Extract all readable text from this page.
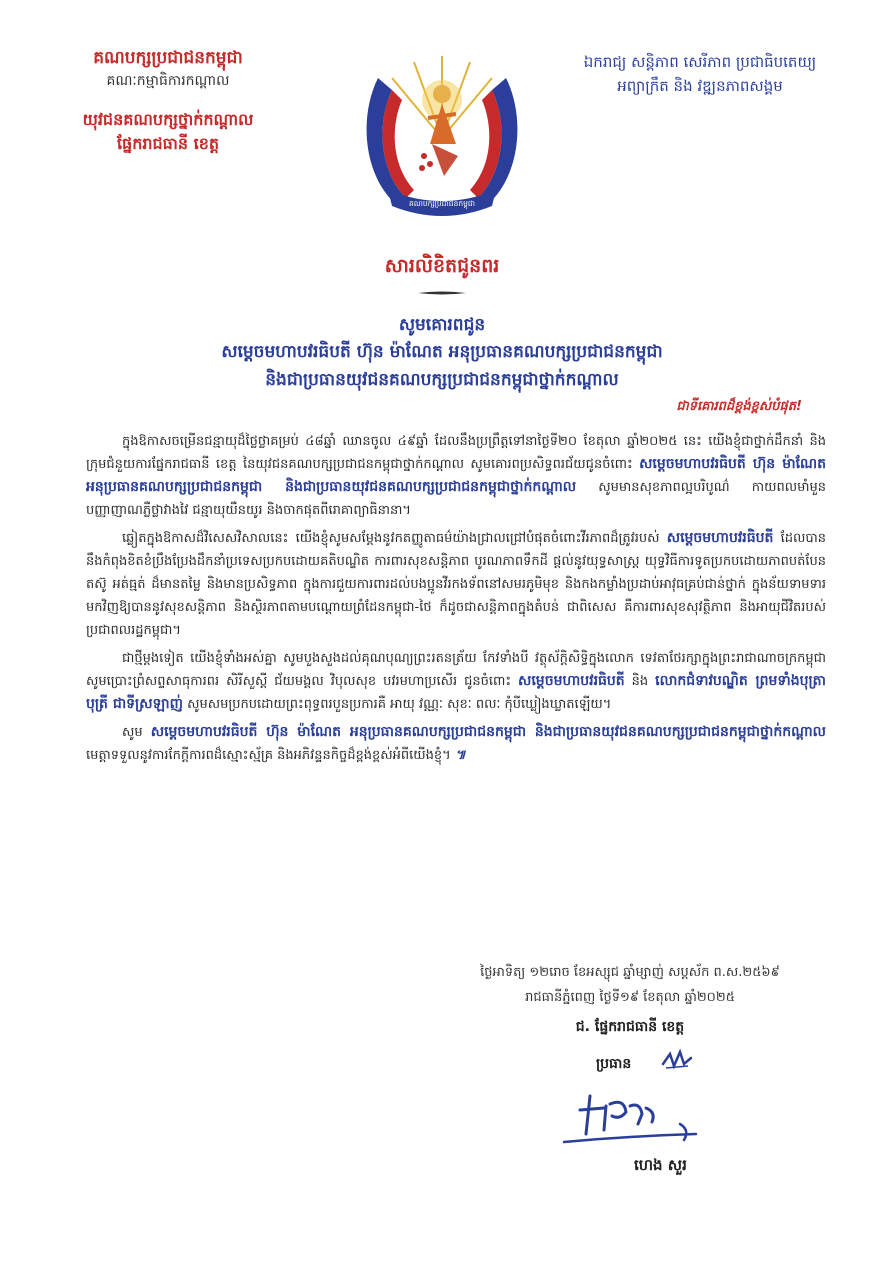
គណបក្សប្រជាជនកម្ពុជា
គណៈកម្មាធិការកណ្ដាល
យុវជនគណបក្សថ្នាក់កណ្ដាល
ផ្នែករាជធានី ខេត្ត
គណបក្សប្រជាជនកម្ពុជា
ឯករាជ្យ សន្តិភាព សេរីភាព ប្រជាធិបតេយ្យ
អព្យាក្រឹត និង វឌ្ឍនភាពសង្គម
សារលិខិតជូនពរ
សូមគោរពជូន
សម្ដេចមហាបវរធិបតី ហ៊ុន ម៉ាណែត អនុប្រធានគណបក្សប្រជាជនកម្ពុជា
និងជាប្រធានយុវជនគណបក្សប្រជាជនកម្ពុជាថ្នាក់កណ្ដាល
ជាទីគោរពដ៏ខ្ពង់ខ្ពស់បំផុត!

ក្នុងឱកាសចម្រើនជន្មាយុដ៏ថ្លៃថ្លាគម្រប់ ៤៨ឆ្នាំ ឈានចូល ៤៩ឆ្នាំ ដែលនឹងប្រព្រឹត្តទៅនាថ្ងៃទី២០ ខែតុលា ឆ្នាំ២០២៥ នេះ យើងខ្ញុំជាថ្នាក់ដឹកនាំ និងក្រុមជំនួយការផ្នែករាជធានី ខេត្ត នៃយុវជនគណបក្សប្រជាជនកម្ពុជាថ្នាក់កណ្ដាល សូមគោរពប្រសិទ្ធពរជ័យជូនចំពោះ សម្ដេចមហាបវរធិបតី ហ៊ុន ម៉ាណែត អនុប្រធានគណបក្សប្រជាជនកម្ពុជា និងជាប្រធានយុវជនគណបក្សប្រជាជនកម្ពុជាថ្នាក់កណ្ដាល សូមមានសុខភាពល្អបរិបូណ៌ កាយពលមាំមួន បញ្ញាញាណភ្លឺថ្លាវាងវៃ ជន្មាយុយឺនយូរ និងចាកផុតពីរោគាព្យាធិនានា។

ឆ្លៀតក្នុងឱកាសដ៏វិសេសវិសាលនេះ យើងខ្ញុំសូមសម្ដែងនូវកតញ្ញូតាធម៌យ៉ាងជ្រាលជ្រៅបំផុតចំពោះវីរភាពដ៏ត្រូវរបស់ សម្ដេចមហាបវរធិបតី ដែលបាននឹងកំពុងខិតខំប្រឹងប្រែងដឹកនាំប្រទេសប្រកបដោយគតិបណ្ឌិត ការពារសុខសន្តិភាព បូរណភាពទឹកដី ផ្ដល់នូវយុទ្ធសាស្ត្រ យុទ្ធវិធីការទូតប្រកបដោយភាពបត់បែន តស៊ូ អត់ធ្មត់ ដ៏មានតម្លៃ និងមានប្រសិទ្ធភាព ក្នុងការជួយការពារដល់បងប្អូនវីរកងទ័ពនៅសមរភូមិមុខ និងកងកម្លាំងប្រដាប់អាវុធគ្រប់ជាន់ថ្នាក់ ក្នុងន័យទាមទារមកវិញឱ្យបាននូវសុខសន្តិភាព និងស្ថិរភាពតាមបណ្ដោយព្រំដែនកម្ពុជា-ថៃ ក៏ដូចជាសន្តិភាពក្នុងតំបន់ ជាពិសេស គឺការពារសុខសុវត្ថិភាព និងអាយុជីវិតរបស់ប្រជាពលរដ្ឋកម្ពុជា។

ជាថ្មីម្ដងទៀត យើងខ្ញុំទាំងអស់គ្នា សូមបួងសួងដល់គុណបុណ្យព្រះរតនត្រ័យ កែវទាំងបី វត្ថុស័ក្តិសិទ្ធិក្នុងលោក ទេវតាថែរក្សាក្នុងព្រះរាជាណាចក្រកម្ពុជា សូមប្រោះព្រំសព្ទសាធុការពរ សិរីសួស្ដី ជ័យមង្គល វិបុលសុខ បវរមហាប្រសើរ ជូនចំពោះ សម្ដេចមហាបវរធិបតី និង លោកជំទាវបណ្ឌិត ព្រមទាំងបុត្រា បុត្រី ជាទីស្រឡាញ់ សូមសមប្រកបដោយព្រះពុទ្ធពរបួនប្រការគឺ អាយុ វណ្ណៈ សុខៈ ពលៈ កុំបីឃ្លៀងឃ្លាតឡើយ។

សូម សម្ដេចមហាបវរធិបតី ហ៊ុន ម៉ាណែត អនុប្រធានគណបក្សប្រជាជនកម្ពុជា និងជាប្រធានយុវជនគណបក្សប្រជាជនកម្ពុជាថ្នាក់កណ្ដាល មេត្តាទទួលនូវការកែក្តីការពដ៏ស្មោះស្ម័គ្រ និងអភិវន្ទនកិច្ចដ៏ខ្ពង់ខ្ពស់អំពីយើងខ្ញុំ។ ៕

ថ្ងៃអាទិត្យ ១២រោច ខែអស្សុជ ឆ្នាំម្សាញ់ សប្តស័ក ព.ស.២៥៦៩
រាជធានីភ្នំពេញ ថ្ងៃទី១៩ ខែតុលា ឆ្នាំ២០២៥
ជ. ផ្នែករាជធានី ខេត្ត
ប្រធាន
ហេង សួរ
